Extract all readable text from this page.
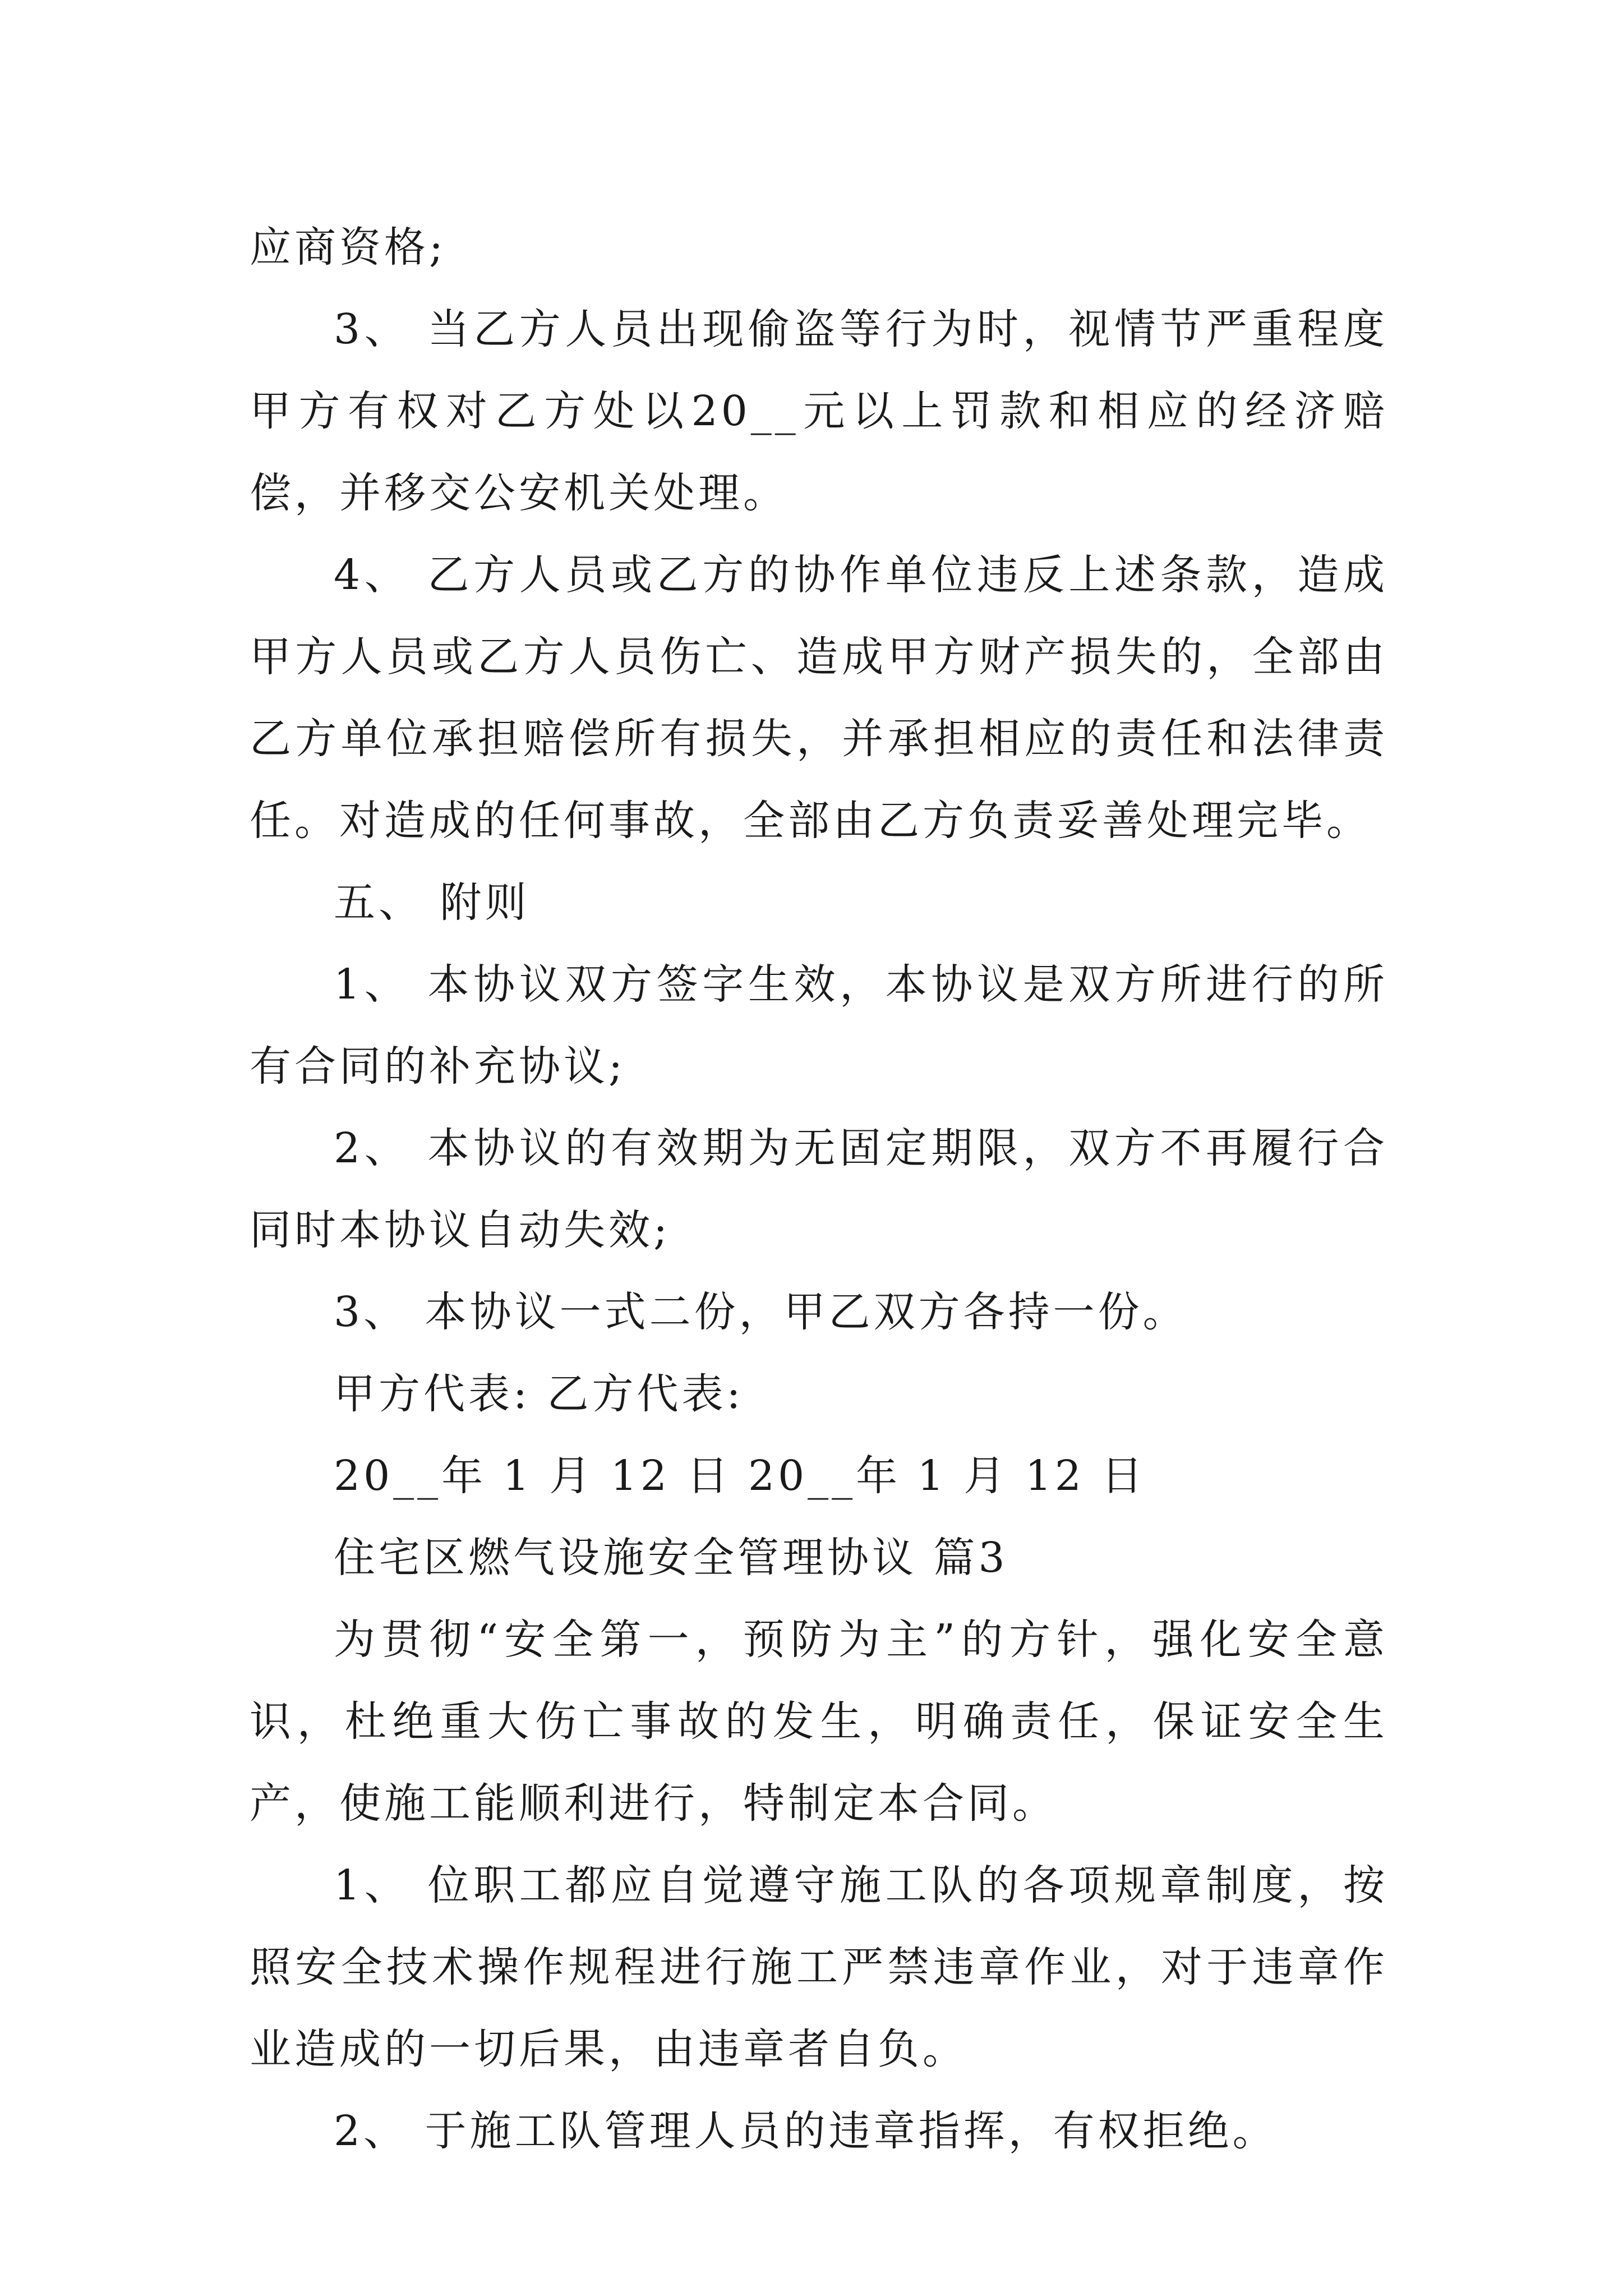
应商资格;

3、 当乙方人员出现偷盗等行为时，视情节严重程度甲方有权对乙方处以20__元以上罚款和相应的经济赔偿，并移交公安机关处理。

4、 乙方人员或乙方的协作单位违反上述条款，造成甲方人员或乙方人员伤亡、造成甲方财产损失的，全部由乙方单位承担赔偿所有损失，并承担相应的责任和法律责任。对造成的任何事故，全部由乙方负责妥善处理完毕。

五、 附则

1、 本协议双方签字生效，本协议是双方所进行的所有合同的补充协议;

2、 本协议的有效期为无固定期限，双方不再履行合同时本协议自动失效;

3、 本协议一式二份，甲乙双方各持一份。

甲方代表: 乙方代表:

20__年 1 月 12 日 20__年 1 月 12 日

住宅区燃气设施安全管理协议 篇3

为贯彻“安全第一，预防为主”的方针，强化安全意识，杜绝重大伤亡事故的发生，明确责任，保证安全生产，使施工能顺利进行，特制定本合同。

1、 位职工都应自觉遵守施工队的各项规章制度，按照安全技术操作规程进行施工严禁违章作业，对于违章作业造成的一切后果，由违章者自负。

2、 于施工队管理人员的违章指挥，有权拒绝。
